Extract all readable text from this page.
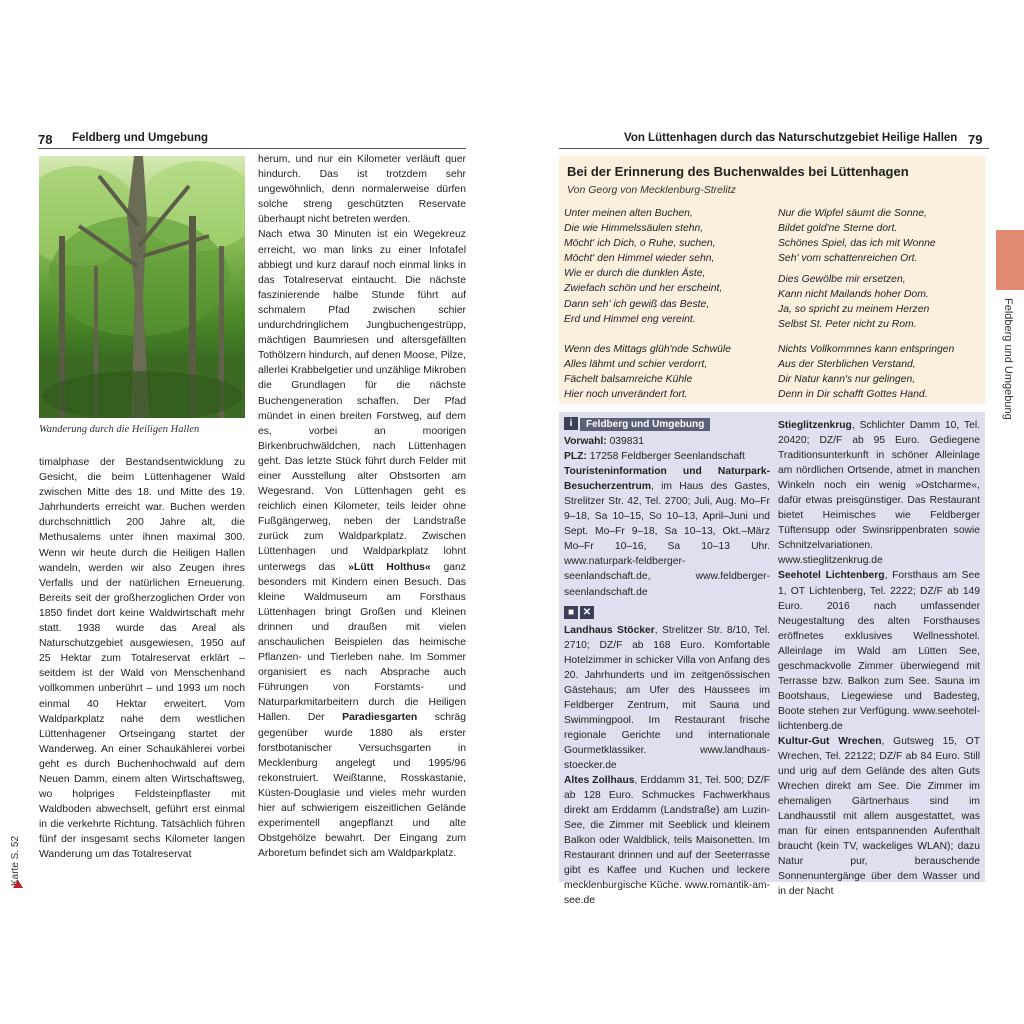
78 Feldberg und Umgebung	Von Lüttenhagen durch das Naturschutzgebiet Heilige Hallen 79
Wanderung durch die Heiligen Hallen

timalphase der Bestandsentwicklung zu Gesicht, die beim Lüttenhagener Wald zwischen Mitte des 18. und Mitte des 19. Jahrhunderts erreicht war. Buchen werden durchschnittlich 200 Jahre alt, die Methusalems unter ihnen maximal 300. Wenn wir heute durch die Heiligen Hallen wandeln, werden wir also Zeugen ihres Verfalls und der natürlichen Erneuerung. Bereits seit der großherzoglichen Order von 1850 findet dort keine Waldwirtschaft mehr statt. 1938 wurde das Areal als Naturschutzgebiet ausgewiesen, 1950 auf 25 Hektar zum Totalreservat erklärt – seitdem ist der Wald von Menschenhand vollkommen unberührt – und 1993 um noch einmal 40 Hektar erweitert. Vom Waldparkplatz nahe dem westlichen Lüttenhagener Ortseingang startet der Wanderweg. An einer Schaukählerei vorbei geht es durch Buchenhochwald auf dem Neuen Damm, einem alten Wirtschaftsweg, wo holpriges Feldsteinpflaster mit Waldboden abwechselt, geführt erst einmal in die verkehrte Richtung. Tatsächlich führen fünf der insgesamt sechs Kilometer langen Wanderung um das Totalreservat

herum, und nur ein Kilometer verläuft quer hindurch. Das ist trotzdem sehr ungewöhnlich, denn normalerweise dürfen solche streng geschützten Reservate überhaupt nicht betreten werden.

Nach etwa 30 Minuten ist ein Wegekreuz erreicht, wo man links zu einer Infotafel abbiegt und kurz darauf noch einmal links in das Totalreservat eintaucht. Die nächste faszinierende halbe Stunde führt auf schmalem Pfad zwischen schier undurchdringlichem Jungbuchengestrüpp, mächtigen Baumriesen und altersgefällten Tothölzern hindurch, auf denen Moose, Pilze, allerlei Krabbelgetier und unzählige Mikroben die Grundlagen für die nächste Buchengeneration schaffen. Der Pfad mündet in einen breiten Forstweg, auf dem es, vorbei an moorigen Birkenbruchwäldchen, nach Lüttenhagen geht. Das letzte Stück führt durch Felder mit einer Ausstellung alter Obstsorten am Wegesrand. Von Lüttenhagen geht es reichlich einen Kilometer, teils leider ohne Fußgängerweg, neben der Landstraße zurück zum Waldparkplatz. Zwischen Lüttenhagen und Waldparkplatz lohnt unterwegs das »Lütt Holthus« ganz besonders mit Kindern einen Besuch. Das kleine Waldmuseum am Forsthaus Lüttenhagen bringt Großen und Kleinen drinnen und draußen mit vielen anschaulichen Beispielen das heimische Pflanzen- und Tierleben nahe. Im Sommer organisiert es nach Absprache auch Führungen von Forstamts- und Naturparkmitarbeitern durch die Heiligen Hallen. Der Paradiesgarten schräg gegenüber wurde 1880 als erster forstbotanischer Versuchsgarten in Mecklenburg angelegt und 1995/96 rekonstruiert. Weißtanne, Rosskastanie, Küsten-Douglasie und vieles mehr wurden hier auf schwierigem eiszeitlichen Gelände experimentell angepflanzt und alte Obstgehölze bewahrt. Der Eingang zum Arboretum befindet sich am Waldparkplatz.

Karte S. 52
Bei der Erinnerung des Buchenwaldes bei Lüttenhagen
Von Georg von Mecklenburg-Strelitz
Unter meinen alten Buchen,
Die wie Himmelssäulen stehn,
Möcht' ich Dich, o Ruhe, suchen,
Möcht' den Himmel wieder sehn,
Wie er durch die dunklen Äste,
Zwiefach schön und her erscheint,
Dann seh' ich gewiß das Beste,
Erd und Himmel eng vereint.
Wenn des Mittags glüh'nde Schwüle
Alles lähmt und schier verdorrt,
Fächelt balsamreiche Kühle
Hier noch unverändert fort.
Nur die Wipfel säumt die Sonne,
Bildet gold'ne Sterne dort.
Schönes Spiel, das ich mit Wonne
Seh' vom schattenreichen Ort.
Dies Gewölbe mir ersetzen,
Kann nicht Mailands hoher Dom.
Ja, so spricht zu meinem Herzen
Selbst St. Peter nicht zu Rom.
Nichts Vollkommnes kann entspringen
Aus der Sterblichen Verstand,
Dir Natur kann's nur gelingen,
Denn in Dir schafft Gottes Hand.

i Feldberg und Umgebung

Vorwahl: 039831

PLZ: 17258 Feldberger Seenlandschaft

Touristeninformation und Naturpark-Besucherzentrum, im Haus des Gastes, Strelitzer Str. 42, Tel. 2700; Juli, Aug. Mo–Fr 9–18, Sa 10–15, So 10–13, April–Juni und Sept. Mo–Fr 9–18, Sa 10–13, Okt.–März Mo–Fr 10–16, Sa 10–13 Uhr. www.naturpark-feldberger-seenlandschaft.de, www.feldberger-seenlandschaft.de

■ ✕

Landhaus Stöcker, Strelitzer Str. 8/10, Tel. 2710; DZ/F ab 168 Euro. Komfortable Hotelzimmer in schicker Villa von Anfang des 20. Jahrhunderts und im zeitgenössischen Gästehaus; am Ufer des Haussees im Feldberger Zentrum, mit Sauna und Swimmingpool. Im Restaurant frische regionale Gerichte und internationale Gourmetklassiker. www.landhaus-stoecker.de

Altes Zollhaus, Erddamm 31, Tel. 500; DZ/F ab 128 Euro. Schmuckes Fachwerkhaus direkt am Erddamm (Landstraße) am Luzin-See, die Zimmer mit Seeblick und kleinem Balkon oder Waldblick, teils Maisonetten. Im Restaurant drinnen und auf der Seeterrasse gibt es Kaffee und Kuchen und leckere mecklenburgische Küche. www.romantik-am-see.de

Stieglitzenkrug, Schlichter Damm 10, Tel. 20420; DZ/F ab 95 Euro. Gediegene Traditionsunterkunft in schöner Alleinlage am nördlichen Ortsende, atmet in manchen Winkeln noch ein wenig »Ostcharme«, dafür etwas preisgünstiger. Das Restaurant bietet Heimisches wie Feldberger Tüftensupp oder Swinsrippenbraten sowie Schnitzelvariationen. www.stieglitzenkrug.de

Seehotel Lichtenberg, Forsthaus am See 1, OT Lichtenberg, Tel. 2222; DZ/F ab 149 Euro. 2016 nach umfassender Neugestaltung des alten Forsthauses eröffnetes exklusives Wellnesshotel. Alleinlage im Wald am Lütten See, geschmackvolle Zimmer überwiegend mit Terrasse bzw. Balkon zum See. Sauna im Bootshaus, Liegewiese und Badesteg, Boote stehen zur Verfügung. www.seehotel-lichtenberg.de

Kultur-Gut Wrechen, Gutsweg 15, OT Wrechen, Tel. 22122; DZ/F ab 84 Euro. Still und urig auf dem Gelände des alten Guts Wrechen direkt am See. Die Zimmer im ehemaligen Gärtnerhaus sind im Landhausstil mit allem ausgestattet, was man für einen entspannenden Aufenthalt braucht (kein TV, wackeliges WLAN); dazu Natur pur, berauschende Sonnenuntergänge über dem Wasser und in der Nacht

Feldberg und Umgebung
